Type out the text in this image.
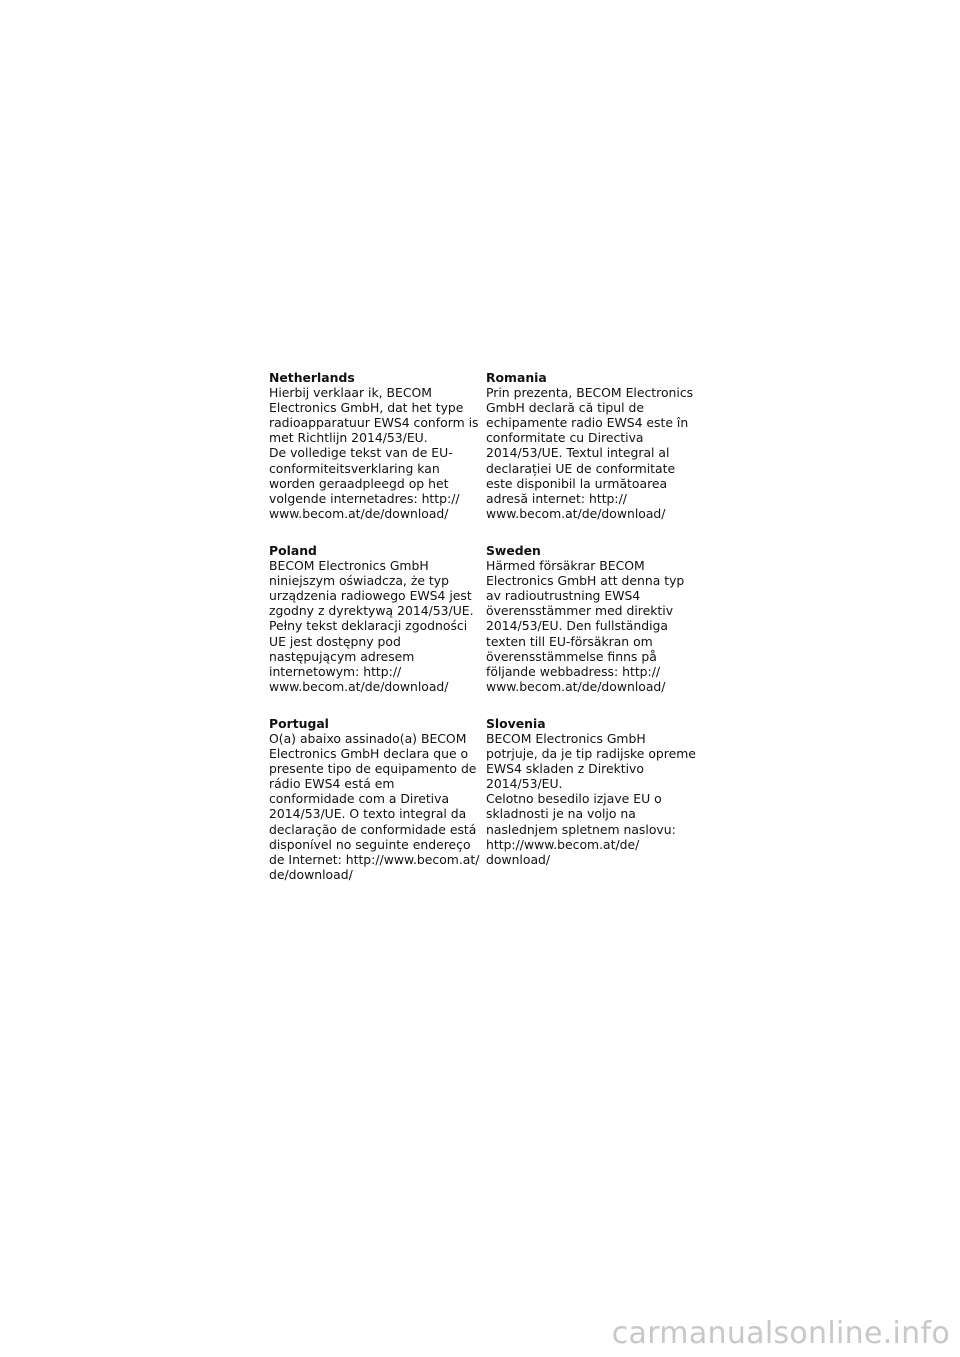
Netherlands

Hierbij verklaar ik, BECOM
Electronics GmbH, dat het type
radioapparatuur EWS4 conform is
met Richtlijn 2014/53/EU.
De volledige tekst van de EU-
conformiteitsverklaring kan
worden geraadpleegd op het
volgende internetadres: http://
www.becom.at/de/download/

Poland

BECOM Electronics GmbH
niniejszym oświadcza, że typ
urządzenia radiowego EWS4 jest
zgodny z dyrektywą 2014/53/UE.
Pełny tekst deklaracji zgodności
UE jest dostępny pod
następującym adresem
internetowym: http://
www.becom.at/de/download/

Portugal

O(a) abaixo assinado(a) BECOM
Electronics GmbH declara que o
presente tipo de equipamento de
rádio EWS4 está em
conformidade com a Diretiva
2014/53/UE. O texto integral da
declaração de conformidade está
disponível no seguinte endereço
de Internet: http://www.becom.at/
de/download/

Romania

Prin prezenta, BECOM Electronics
GmbH declară că tipul de
echipamente radio EWS4 este în
conformitate cu Directiva
2014/53/UE. Textul integral al
declarației UE de conformitate
este disponibil la următoarea
adresă internet: http://
www.becom.at/de/download/

Sweden

Härmed försäkrar BECOM
Electronics GmbH att denna typ
av radioutrustning EWS4
överensstämmer med direktiv
2014/53/EU. Den fullständiga
texten till EU-försäkran om
överensstämmelse finns på
följande webbadress: http://
www.becom.at/de/download/

Slovenia

BECOM Electronics GmbH
potrjuje, da je tip radijske opreme
EWS4 skladen z Direktivo
2014/53/EU.
Celotno besedilo izjave EU o
skladnosti je na voljo na
naslednjem spletnem naslovu:
http://www.becom.at/de/
download/

carmanualsonline.info
